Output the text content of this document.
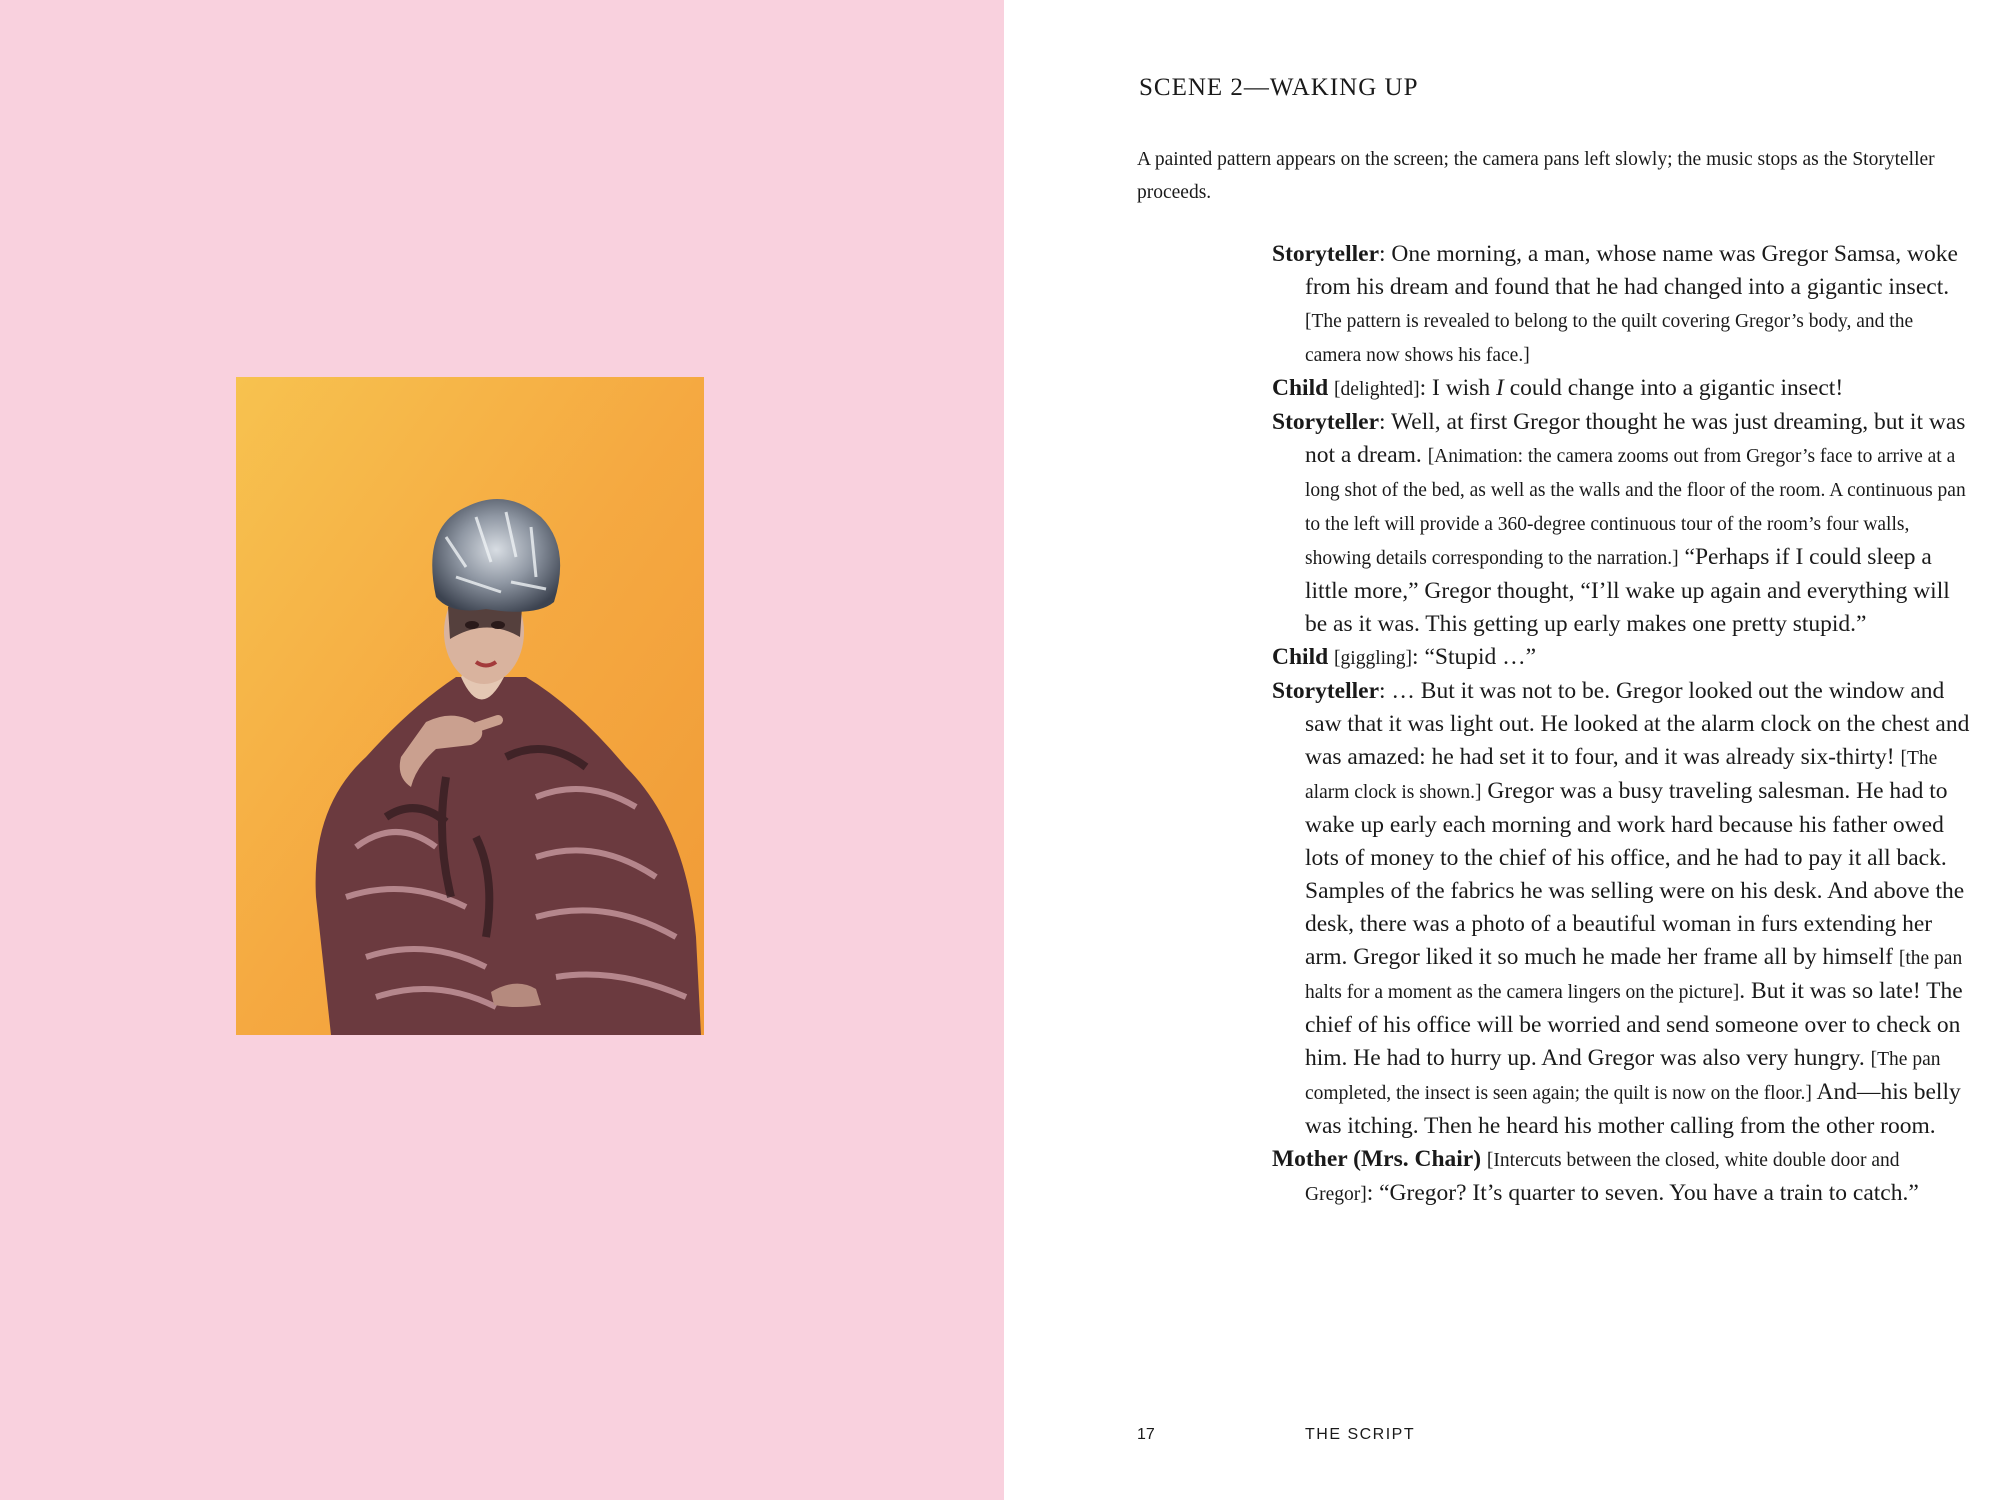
SCENE 2—WAKING UP

A painted pattern appears on the screen; the camera pans left slowly; the music stops as the Storyteller proceeds.

Storyteller: One morning, a man, whose name was Gregor Samsa, woke from his dream and found that he had changed into a gigantic insect. [The pattern is revealed to belong to the quilt covering Gregor’s body, and the camera now shows his face.]

Child [delighted]: I wish I could change into a gigantic insect!

Storyteller: Well, at first Gregor thought he was just dreaming, but it was not a dream. [Animation: the camera zooms out from Gregor’s face to arrive at a long shot of the bed, as well as the walls and the floor of the room. A continuous pan to the left will provide a 360-degree continuous tour of the room’s four walls, showing details corresponding to the narration.] “Perhaps if I could sleep a little more,” Gregor thought, “I’ll wake up again and everything will be as it was. This getting up early makes one pretty stupid.”

Child [giggling]: “Stupid …”

Storyteller: … But it was not to be. Gregor looked out the window and saw that it was light out. He looked at the alarm clock on the chest and was amazed: he had set it to four, and it was already six-thirty! [The alarm clock is shown.] Gregor was a busy traveling salesman. He had to wake up early each morning and work hard because his father owed lots of money to the chief of his office, and he had to pay it all back. Samples of the fabrics he was selling were on his desk. And above the desk, there was a photo of a beautiful woman in furs extending her arm. Gregor liked it so much he made her frame all by himself [the pan halts for a moment as the camera lingers on the picture]. But it was so late! The chief of his office will be worried and send someone over to check on him. He had to hurry up. And Gregor was also very hungry. [The pan completed, the insect is seen again; the quilt is now on the floor.] And—his belly was itching. Then he heard his mother calling from the other room.

Mother (Mrs. Chair) [Intercuts between the closed, white double door and Gregor]: “Gregor? It’s quarter to seven. You have a train to catch.”

17	THE SCRIPT
